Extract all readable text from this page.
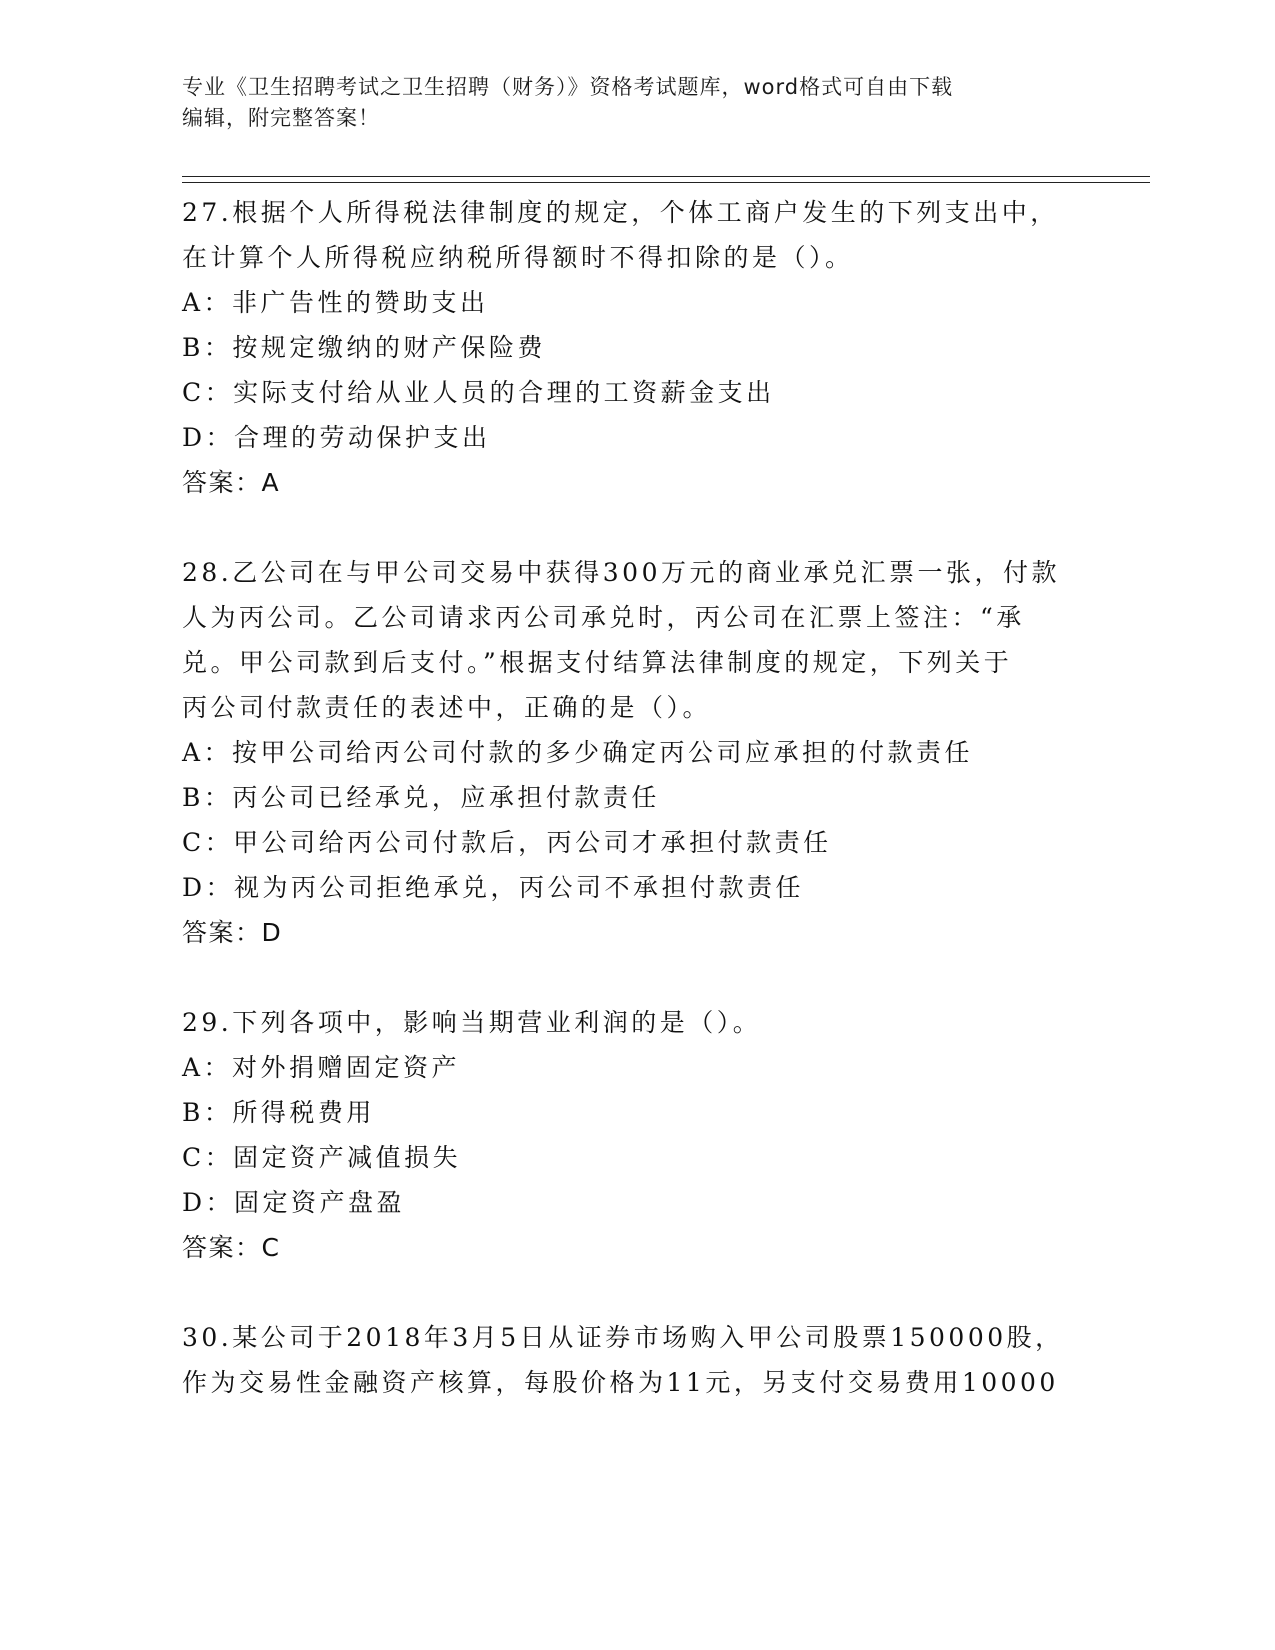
专业《卫生招聘考试之卫生招聘（财务）》资格考试题库，word格式可自由下载
编辑，附完整答案！

27.根据个人所得税法律制度的规定，个体工商户发生的下列支出中，

在计算个人所得税应纳税所得额时不得扣除的是（）。

A：非广告性的赞助支出

B：按规定缴纳的财产保险费

C：实际支付给从业人员的合理的工资薪金支出

D：合理的劳动保护支出

答案：A

28.乙公司在与甲公司交易中获得300万元的商业承兑汇票一张，付款

人为丙公司。乙公司请求丙公司承兑时，丙公司在汇票上签注：“承

兑。甲公司款到后支付。”根据支付结算法律制度的规定，下列关于

丙公司付款责任的表述中，正确的是（）。

A：按甲公司给丙公司付款的多少确定丙公司应承担的付款责任

B：丙公司已经承兑，应承担付款责任

C：甲公司给丙公司付款后，丙公司才承担付款责任

D：视为丙公司拒绝承兑，丙公司不承担付款责任

答案：D

29.下列各项中，影响当期营业利润的是（）。

A：对外捐赠固定资产

B：所得税费用

C：固定资产减值损失

D：固定资产盘盈

答案：C

30.某公司于2018年3月5日从证券市场购入甲公司股票150000股，

作为交易性金融资产核算，每股价格为11元，另支付交易费用10000
